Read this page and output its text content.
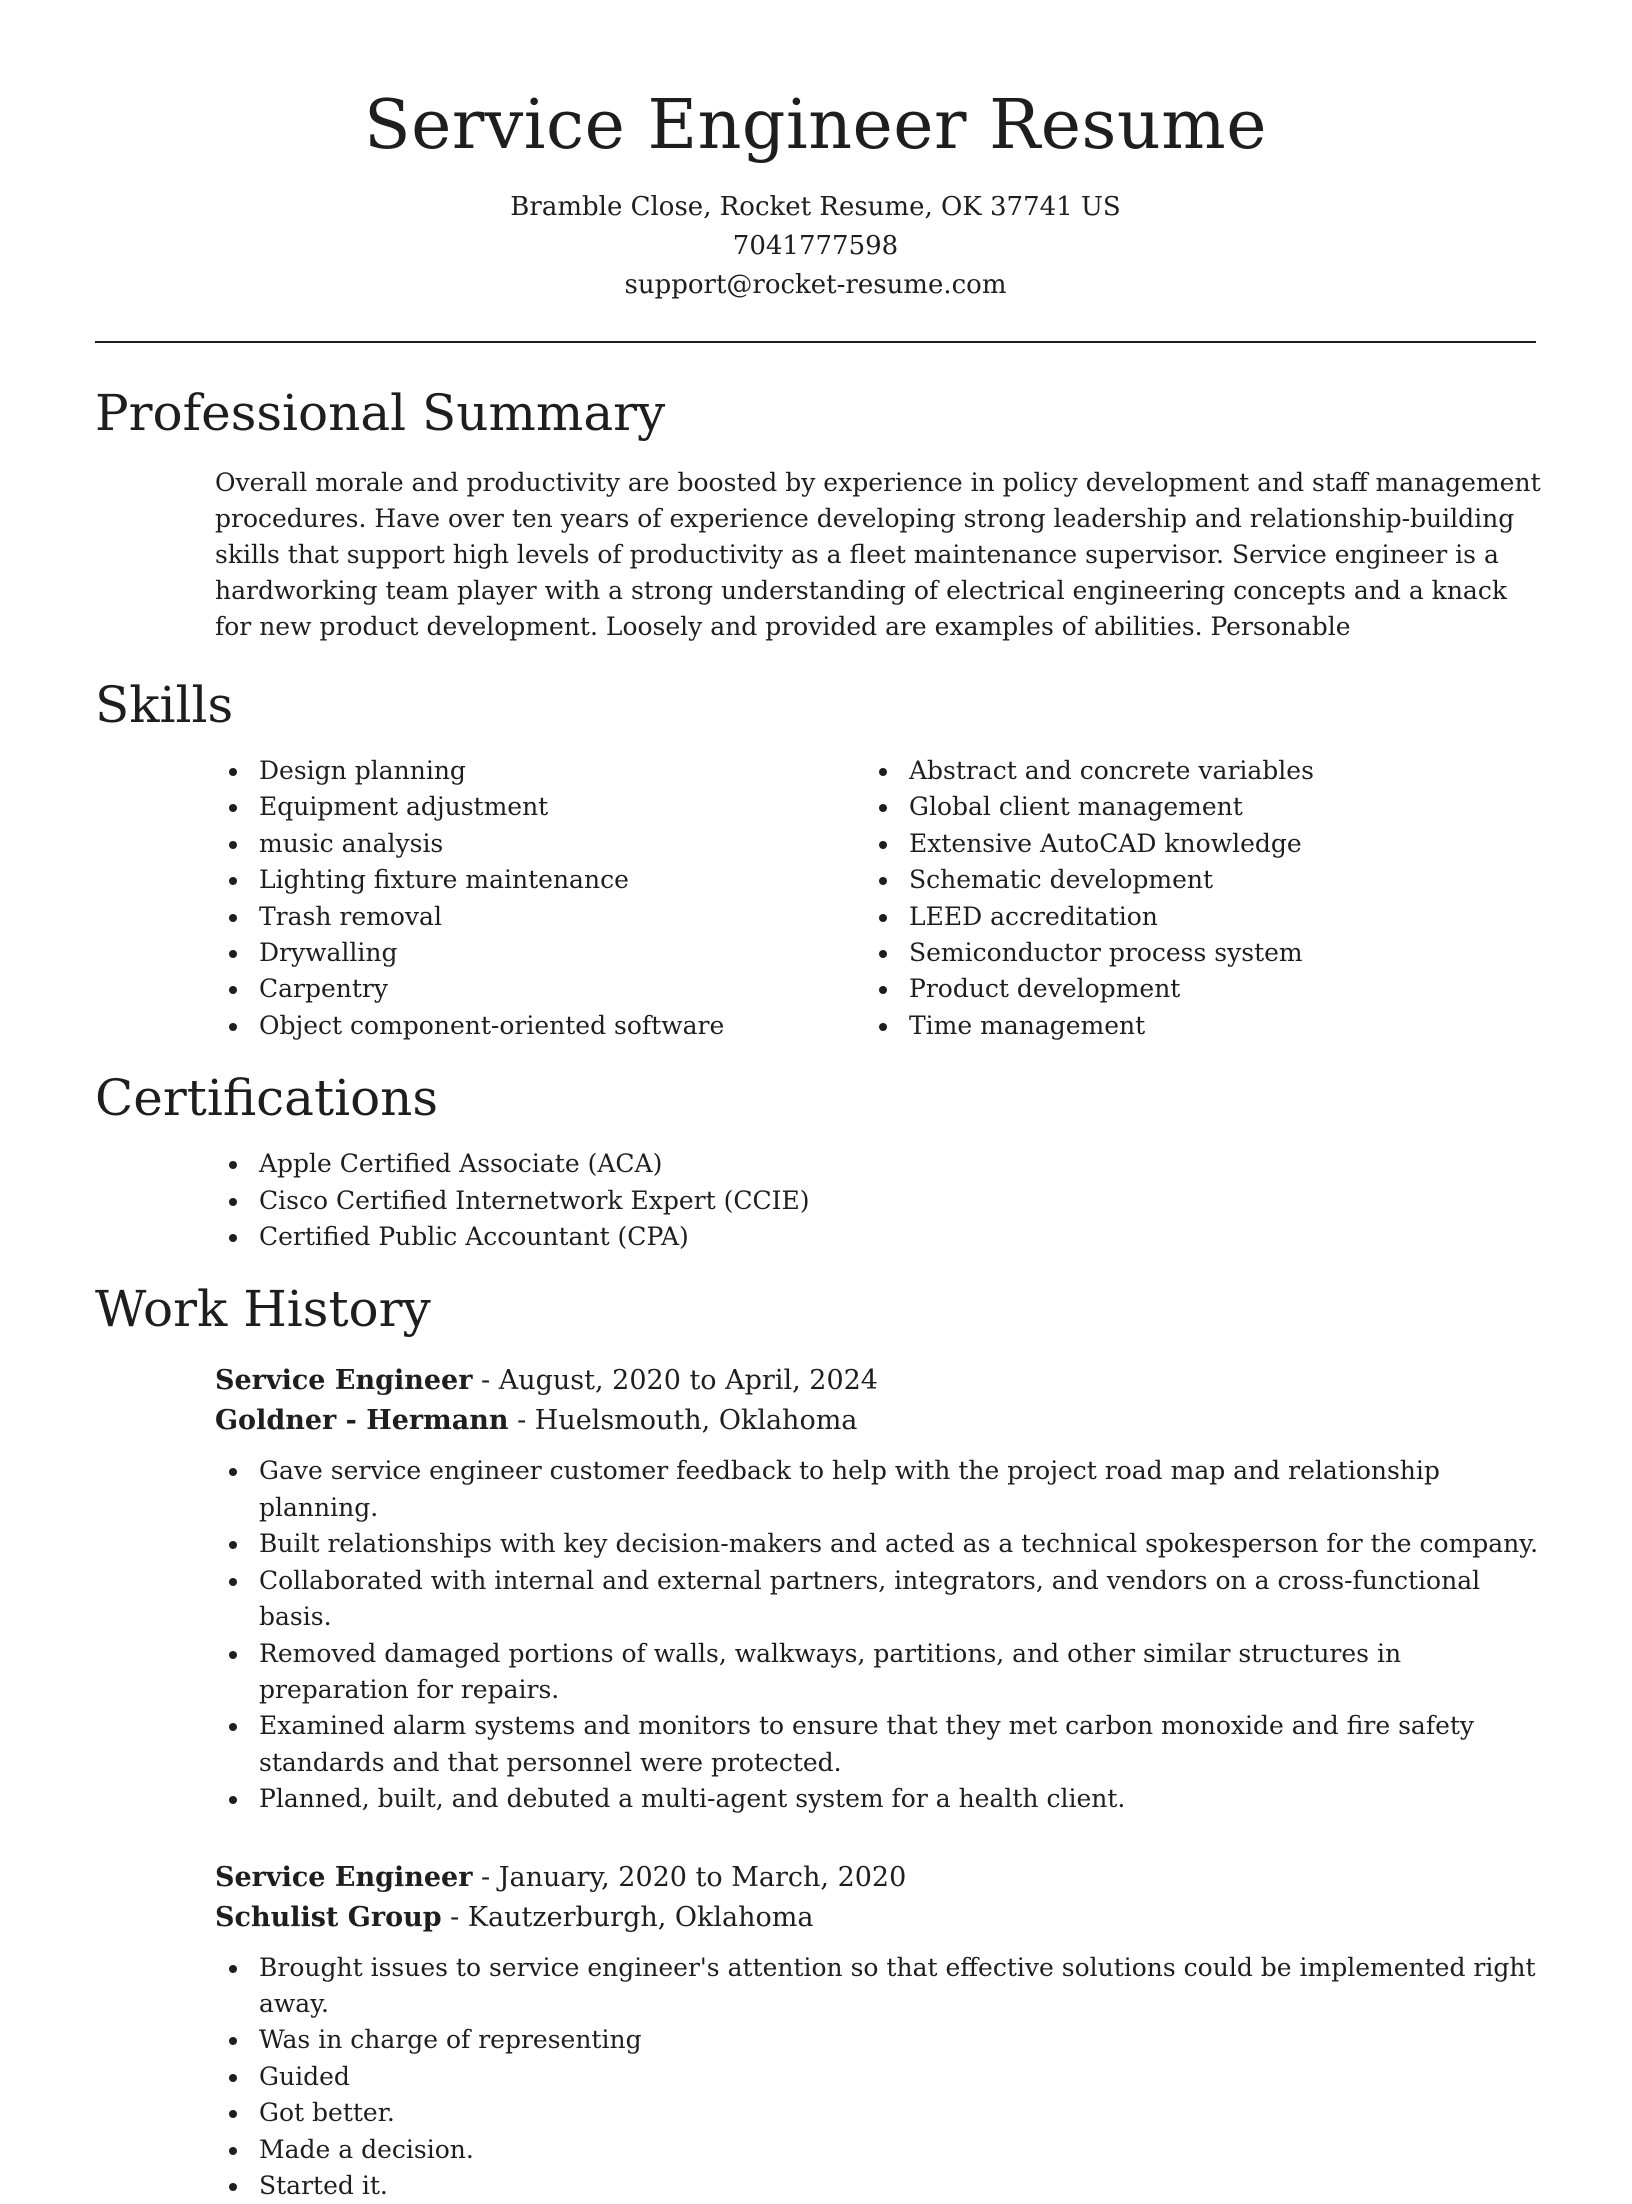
Service Engineer Resume
Bramble Close, Rocket Resume, OK 37741 US
7041777598
support@rocket-resume.com
Professional Summary

Overall morale and productivity are boosted by experience in policy development and staff management procedures. Have over ten years of experience developing strong leadership and relationship-building skills that support high levels of productivity as a fleet maintenance supervisor. Service engineer is a hardworking team player with a strong understanding of electrical engineering concepts and a knack for new product development. Loosely and provided are examples of abilities. Personable

Skills
Design planning
Equipment adjustment
music analysis
Lighting fixture maintenance
Trash removal
Drywalling
Carpentry
Object component-oriented software
Abstract and concrete variables
Global client management
Extensive AutoCAD knowledge
Schematic development
LEED accreditation
Semiconductor process system
Product development
Time management
Certifications
Apple Certified Associate (ACA)
Cisco Certified Internetwork Expert (CCIE)
Certified Public Accountant (CPA)
Work History
Service Engineer - August, 2020 to April, 2024
Goldner - Hermann - Huelsmouth, Oklahoma
Gave service engineer customer feedback to help with the project road map and relationship planning.
Built relationships with key decision-makers and acted as a technical spokesperson for the company.
Collaborated with internal and external partners, integrators, and vendors on a cross-functional basis.
Removed damaged portions of walls, walkways, partitions, and other similar structures in preparation for repairs.
Examined alarm systems and monitors to ensure that they met carbon monoxide and fire safety standards and that personnel were protected.
Planned, built, and debuted a multi-agent system for a health client.
Service Engineer - January, 2020 to March, 2020
Schulist Group - Kautzerburgh, Oklahoma
Brought issues to service engineer's attention so that effective solutions could be implemented right away.
Was in charge of representing
Guided
Got better.
Made a decision.
Started it.
